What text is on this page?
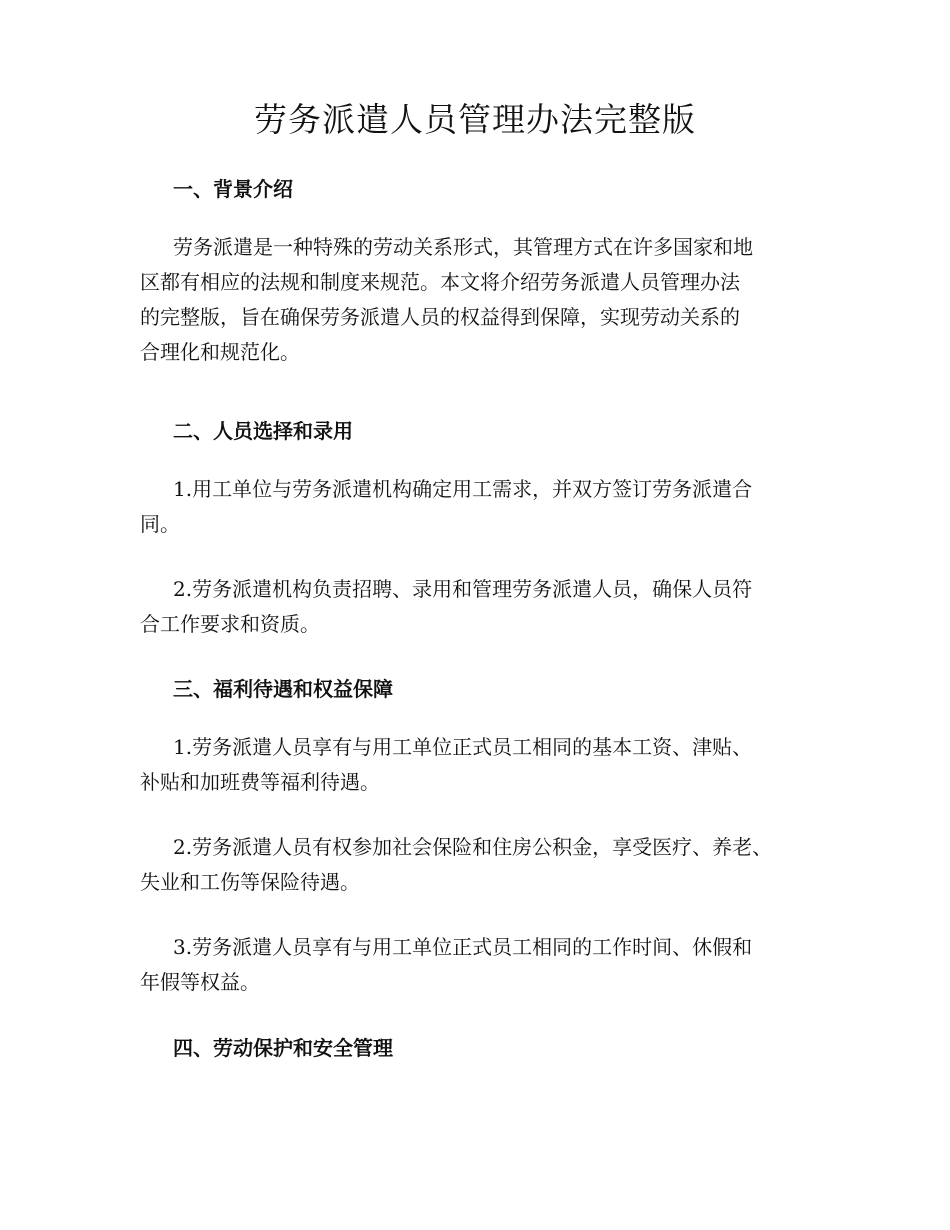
劳务派遣人员管理办法完整版
一、背景介绍
劳务派遣是一种特殊的劳动关系形式，其管理方式在许多国家和地
区都有相应的法规和制度来规范。本文将介绍劳务派遣人员管理办法
的完整版，旨在确保劳务派遣人员的权益得到保障，实现劳动关系的
合理化和规范化。
二、人员选择和录用
1.用工单位与劳务派遣机构确定用工需求，并双方签订劳务派遣合
同。
2.劳务派遣机构负责招聘、录用和管理劳务派遣人员，确保人员符
合工作要求和资质。
三、福利待遇和权益保障
1.劳务派遣人员享有与用工单位正式员工相同的基本工资、津贴、
补贴和加班费等福利待遇。
2.劳务派遣人员有权参加社会保险和住房公积金，享受医疗、养老、
失业和工伤等保险待遇。
3.劳务派遣人员享有与用工单位正式员工相同的工作时间、休假和
年假等权益。
四、劳动保护和安全管理
